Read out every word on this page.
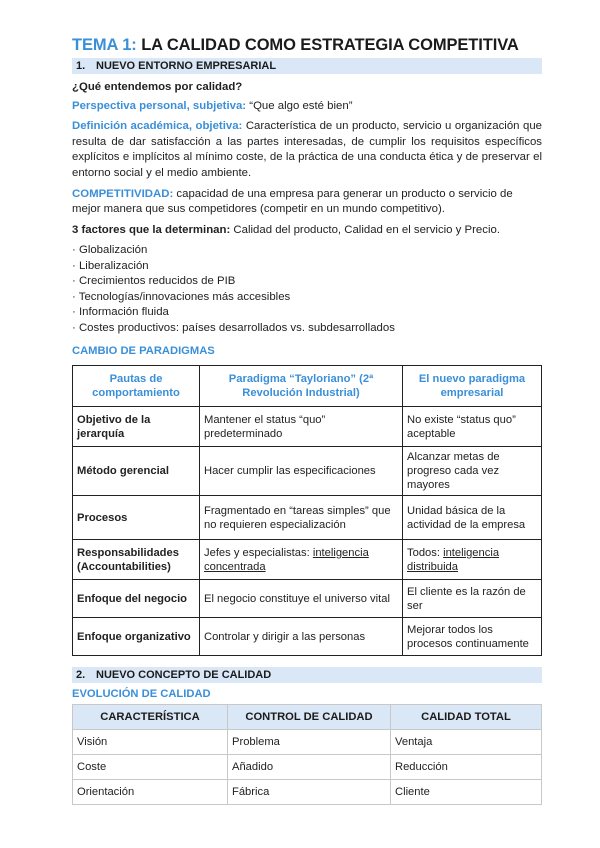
TEMA 1: LA CALIDAD COMO ESTRATEGIA COMPETITIVA
1. NUEVO ENTORNO EMPRESARIAL

¿Qué entendemos por calidad?

Perspectiva personal, subjetiva: “Que algo esté bien”

Definición académica, objetiva: Característica de un producto, servicio u organización que resulta de dar satisfacción a las partes interesadas, de cumplir los requisitos específicos explícitos e implícitos al mínimo coste, de la práctica de una conducta ética y de preservar el entorno social y el medio ambiente.

COMPETITIVIDAD: capacidad de una empresa para generar un producto o servicio de mejor manera que sus competidores (competir en un mundo competitivo).

3 factores que la determinan: Calidad del producto, Calidad en el servicio y Precio.

· Globalización
· Liberalización
· Crecimientos reducidos de PIB
· Tecnologías/innovaciones más accesibles
· Información fluida
· Costes productivos: países desarrollados vs. subdesarrollados
CAMBIO DE PARADIGMAS
Pautas de comportamiento	Paradigma “Tayloriano” (2ª Revolución Industrial)	El nuevo paradigma empresarial
Objetivo de la jerarquía	Mantener el status “quo” predeterminado	No existe “status quo” aceptable
Método gerencial	Hacer cumplir las especificaciones	Alcanzar metas de progreso cada vez mayores
Procesos	Fragmentado en “tareas simples” que no requieren especialización	Unidad básica de la actividad de la empresa
Responsabilidades (Accountabilities)	Jefes y especialistas: inteligencia concentrada	Todos: inteligencia distribuida
Enfoque del negocio	El negocio constituye el universo vital	El cliente es la razón de ser
Enfoque organizativo	Controlar y dirigir a las personas	Mejorar todos los procesos continuamente
2. NUEVO CONCEPTO DE CALIDAD
EVOLUCIÓN DE CALIDAD
CARACTERÍSTICA	CONTROL DE CALIDAD	CALIDAD TOTAL
Visión	Problema	Ventaja
Coste	Añadido	Reducción
Orientación	Fábrica	Cliente
